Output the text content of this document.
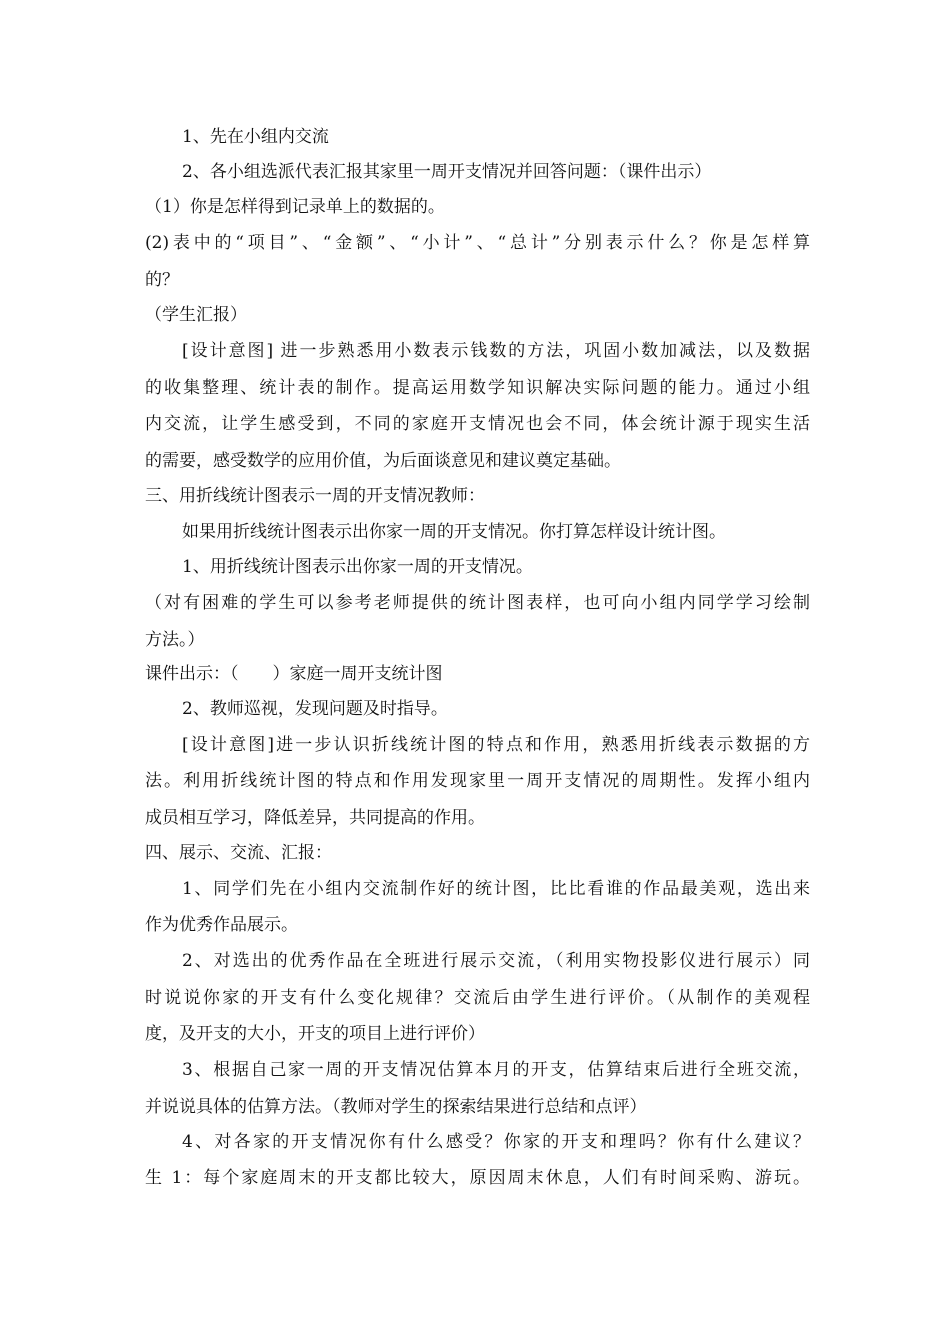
1、先在小组内交流
2、各小组选派代表汇报其家里一周开支情况并回答问题：（课件出示）
（1）你是怎样得到记录单上的数据的。
(2)表中的“项目”、“金额”、“小计”、“总计”分别表示什么？你是怎样算
的？
（学生汇报）
[设计意图] 进一步熟悉用小数表示钱数的方法，巩固小数加减法，以及数据
的收集整理、统计表的制作。提高运用数学知识解决实际问题的能力。通过小组
内交流，让学生感受到，不同的家庭开支情况也会不同，体会统计源于现实生活
的需要，感受数学的应用价值，为后面谈意见和建议奠定基础。
三、用折线统计图表示一周的开支情况教师：
如果用折线统计图表示出你家一周的开支情况。你打算怎样设计统计图。
1、用折线统计图表示出你家一周的开支情况。
（对有困难的学生可以参考老师提供的统计图表样，也可向小组内同学学习绘制
方法。）
课件出示：（　　）家庭一周开支统计图
2、教师巡视，发现问题及时指导。
[设计意图]进一步认识折线统计图的特点和作用，熟悉用折线表示数据的方
法。利用折线统计图的特点和作用发现家里一周开支情况的周期性。发挥小组内
成员相互学习，降低差异，共同提高的作用。
四、展示、交流、汇报：
1、同学们先在小组内交流制作好的统计图，比比看谁的作品最美观，选出来
作为优秀作品展示。
2、对选出的优秀作品在全班进行展示交流，（利用实物投影仪进行展示）同
时说说你家的开支有什么变化规律？交流后由学生进行评价。（从制作的美观程
度，及开支的大小，开支的项目上进行评价）
3、根据自己家一周的开支情况估算本月的开支，估算结束后进行全班交流，
并说说具体的估算方法。（教师对学生的探索结果进行总结和点评）
4、对各家的开支情况你有什么感受？你家的开支和理吗？你有什么建议？
生 1：每个家庭周末的开支都比较大，原因周末休息，人们有时间采购、游玩。
